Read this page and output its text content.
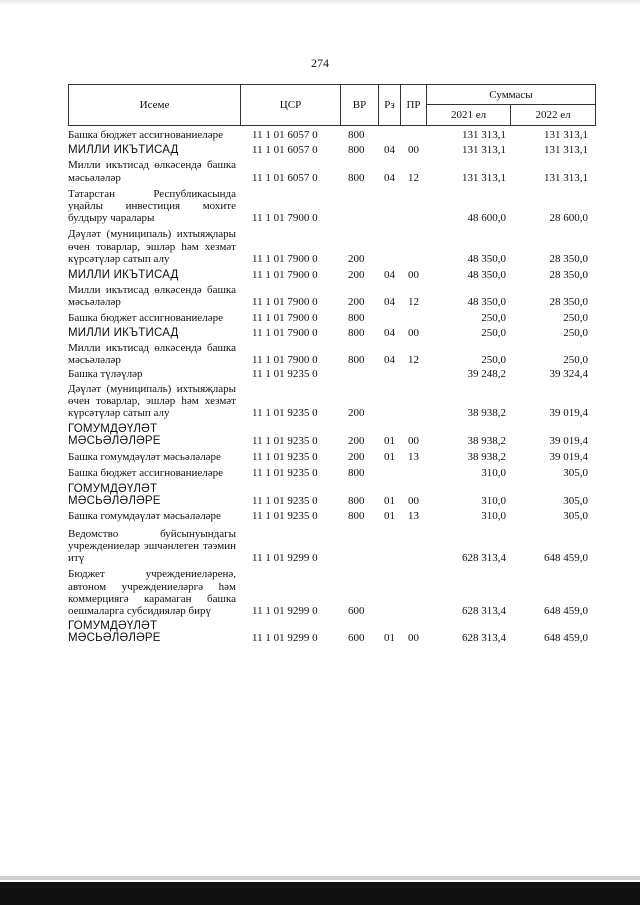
274
Исеме	ЦСР	ВР	Рз	ПР
Суммасы
2021 ел	2022 ел
Башка бюджет ассигнованиеләре	11 1 01 6057 0	800	131 313,1	131 313,1
МИЛЛИ ИКЪТИСАД	11 1 01 6057 0	800 04 00	131 313,1	131 313,1
Милли икътисад өлкәсендә башка мәсьәләләр	11 1 01 6057 0	800 04 12	131 313,1	131 313,1
Татарстан Республикасында уңайлы инвестиция мохите булдыру чаралары	11 1 01 7900 0	48 600,0	28 600,0
Дәүләт (муниципаль) ихтыяҗлары өчен товарлар, эшләр һәм хезмәт күрсәтүләр сатып алу	11 1 01 7900 0	200	48 350,0	28 350,0
МИЛЛИ ИКЪТИСАД	11 1 01 7900 0	200 04 00	48 350,0	28 350,0
Милли икътисад өлкәсендә башка мәсьәләләр	11 1 01 7900 0	200 04 12	48 350,0	28 350,0
Башка бюджет ассигнованиеләре	11 1 01 7900 0	800	250,0	250,0
МИЛЛИ ИКЪТИСАД	11 1 01 7900 0	800 04 00	250,0	250,0
Милли икътисад өлкәсендә башка мәсьәләләр	11 1 01 7900 0	800 04 12	250,0	250,0
Башка түләүләр	11 1 01 9235 0	39 248,2	39 324,4
Дәүләт (муниципаль) ихтыяҗлары өчен товарлар, эшләр һәм хезмәт күрсәтүләр сатып алу	11 1 01 9235 0	200	38 938,2	39 019,4
ГОМУМДӘҮЛӘТ МӘСЬӘЛӘЛӘРЕ	11 1 01 9235 0	200 01 00	38 938,2	39 019,4
Башка гомумдәүләт мәсьәләләре	11 1 01 9235 0	200 01 13	38 938,2	39 019,4
Башка бюджет ассигнованиеләре	11 1 01 9235 0	800	310,0	305,0
ГОМУМДӘҮЛӘТ МӘСЬӘЛӘЛӘРЕ	11 1 01 9235 0	800 01 00	310,0	305,0
Башка гомумдәүләт мәсьәләләре	11 1 01 9235 0	800 01 13	310,0	305,0
Ведомство буйсынуындагы учреждениеләр эшчәнлеген тәэмин итү	11 1 01 9299 0	628 313,4	648 459,0
Бюджет учреждениеләренә, автоном учреждениеләргә һәм коммерциягә карамаган башка оешмаларга субсидияләр бирү	11 1 01 9299 0	600	628 313,4	648 459,0
ГОМУМДӘҮЛӘТ МӘСЬӘЛӘЛӘРЕ	11 1 01 9299 0	600 01 00	628 313,4	648 459,0
